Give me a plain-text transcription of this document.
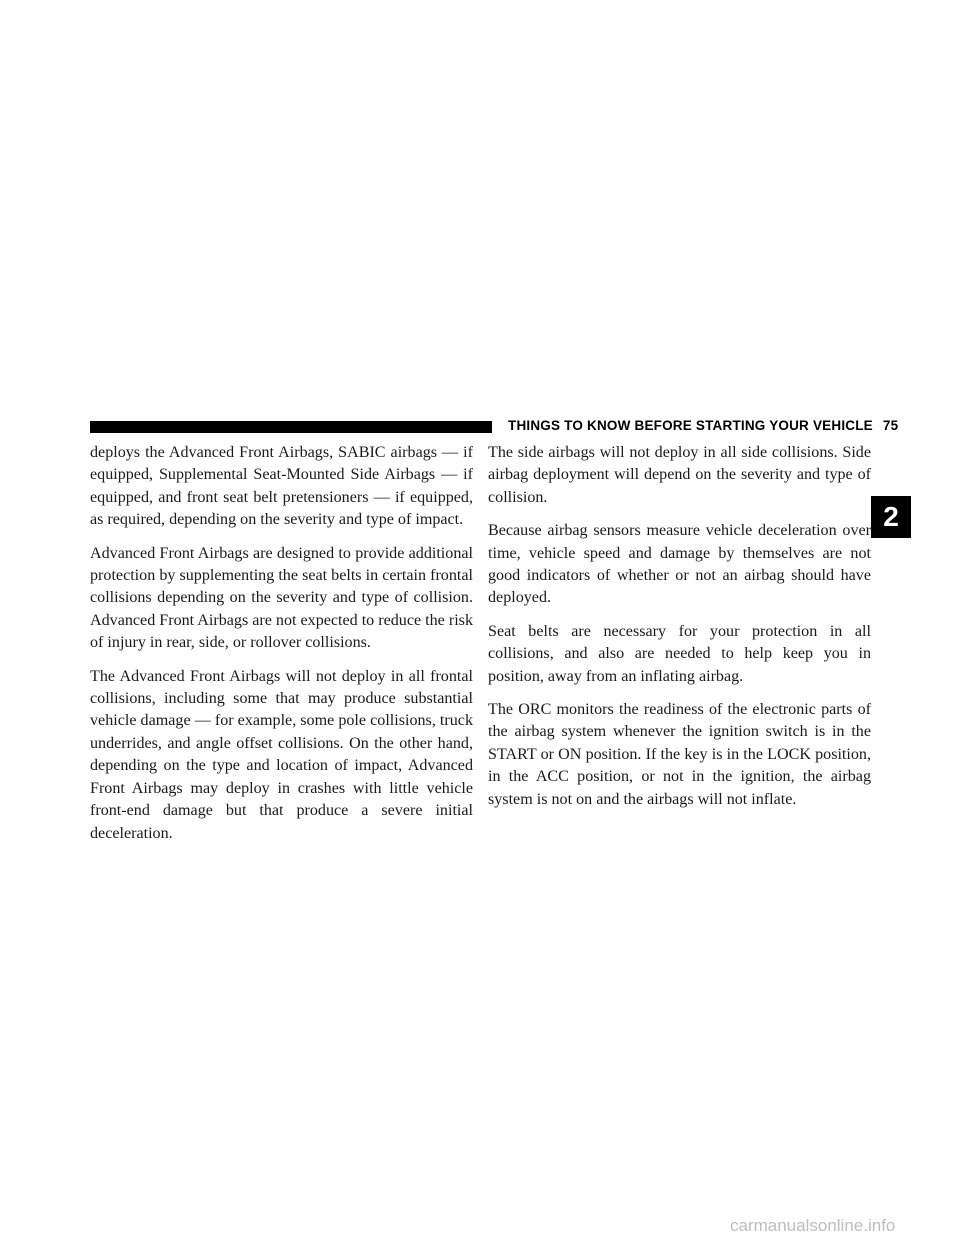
THINGS TO KNOW BEFORE STARTING YOUR VEHICLE 75

deploys the Advanced Front Airbags, SABIC airbags — if equipped, Supplemental Seat-Mounted Side Airbags — if equipped, and front seat belt pretensioners — if equipped, as required, depending on the severity and type of impact.

Advanced Front Airbags are designed to provide additional protection by supplementing the seat belts in certain frontal collisions depending on the severity and type of collision. Advanced Front Airbags are not expected to reduce the risk of injury in rear, side, or rollover collisions.

The Advanced Front Airbags will not deploy in all frontal collisions, including some that may produce substantial vehicle damage — for example, some pole collisions, truck underrides, and angle offset collisions. On the other hand, depending on the type and location of impact, Advanced Front Airbags may deploy in crashes with little vehicle front-end damage but that produce a severe initial deceleration.

The side airbags will not deploy in all side collisions. Side airbag deployment will depend on the severity and type of collision.

Because airbag sensors measure vehicle deceleration over time, vehicle speed and damage by themselves are not good indicators of whether or not an airbag should have deployed.

Seat belts are necessary for your protection in all collisions, and also are needed to help keep you in position, away from an inflating airbag.

The ORC monitors the readiness of the electronic parts of the airbag system whenever the ignition switch is in the START or ON position. If the key is in the LOCK position, in the ACC position, or not in the ignition, the airbag system is not on and the airbags will not inflate.

2
carmanualsonline.info
